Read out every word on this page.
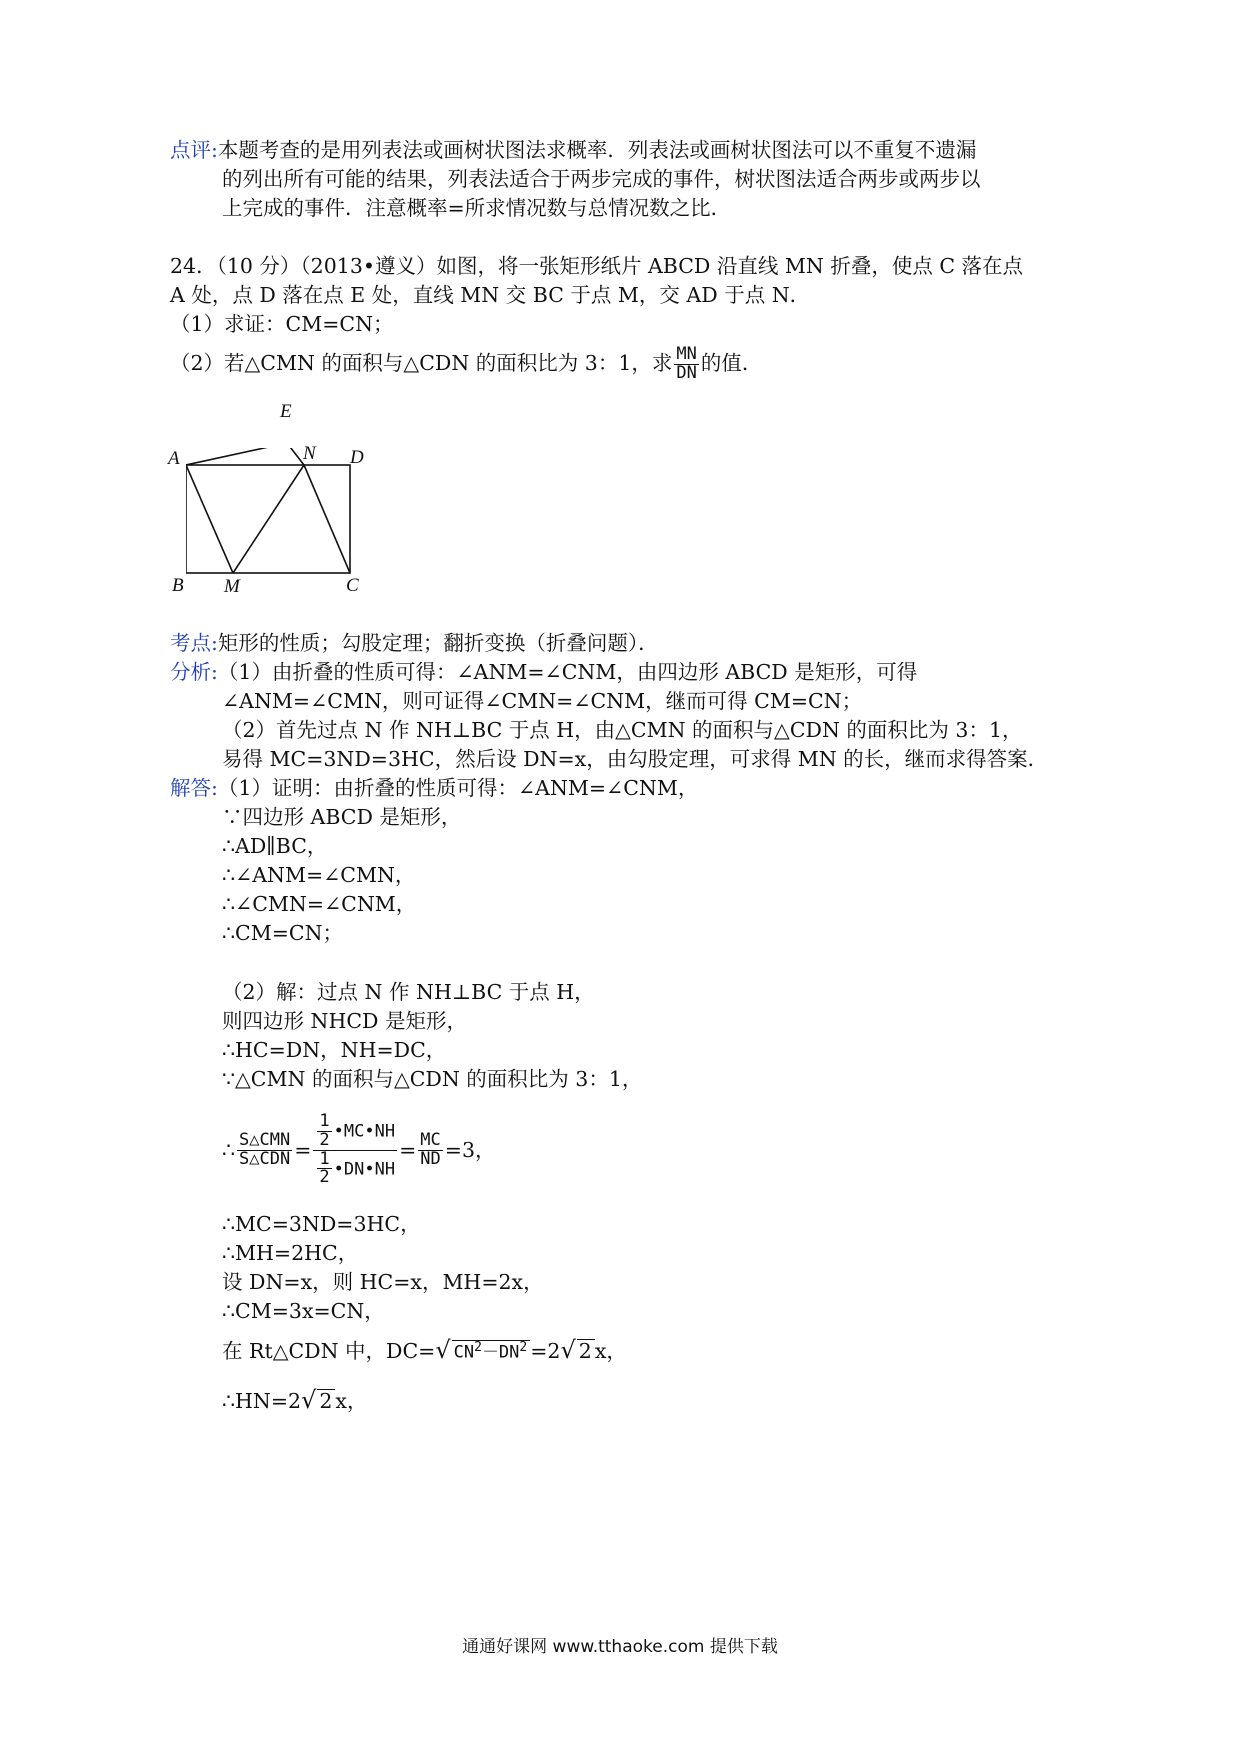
点评:本题考查的是用列表法或画树状图法求概率．列表法或画树状图法可以不重复不遗漏
的列出所有可能的结果，列表法适合于两步完成的事件，树状图法适合两步或两步以
上完成的事件．注意概率=所求情况数与总情况数之比．
24．（10 分）（2013•遵义）如图，将一张矩形纸片 ABCD 沿直线 MN 折叠，使点 C 落在点
A 处，点 D 落在点 E 处，直线 MN 交 BC 于点 M，交 AD 于点 N．
（1）求证：CM=CN；
（2）若△CMN 的面积与△CDN 的面积比为 3：1，求 $\frac{MN}{DN}$ 的值．
E
A	N D
B M	C
考点:矩形的性质；勾股定理；翻折变换（折叠问题）．
分析:（1）由折叠的性质可得：∠ANM=∠CNM，由四边形 ABCD 是矩形，可得
∠ANM=∠CMN，则可证得∠CMN=∠CNM，继而可得 CM=CN；
（2）首先过点 N 作 NH⊥BC 于点 H，由△CMN 的面积与△CDN 的面积比为 3：1，
易得 MC=3ND=3HC，然后设 DN=x，由勾股定理，可求得 MN 的长，继而求得答案．
解答:（1）证明：由折叠的性质可得：∠ANM=∠CNM，
∵四边形 ABCD 是矩形，
∴AD∥BC，
∴∠ANM=∠CMN，
∴∠CMN=∠CNM，
∴CM=CN；
（2）解：过点 N 作 NH⊥BC 于点 H，
则四边形 NHCD 是矩形，
∴HC=DN，NH=DC，
∵△CMN 的面积与△CDN 的面积比为 3：1，
∴ $\frac{\text{S△CMN}}{\text{S△CDN}} = \frac{\frac{1}{2} •MC•NH}{\frac{1}{2} •DN•NH} = \frac{MC}{ND} =3$，
∴MC=3ND=3HC，
∴MH=2HC，
设 DN=x，则 HC=x，MH=2x，
∴CM=3x=CN，
在 Rt△CDN 中，DC=√ $CN^2-DN^2 =2√$ 2 x，
∴HN=2√ 2 x，
通通好课网 www.tthaoke.com 提供下载
